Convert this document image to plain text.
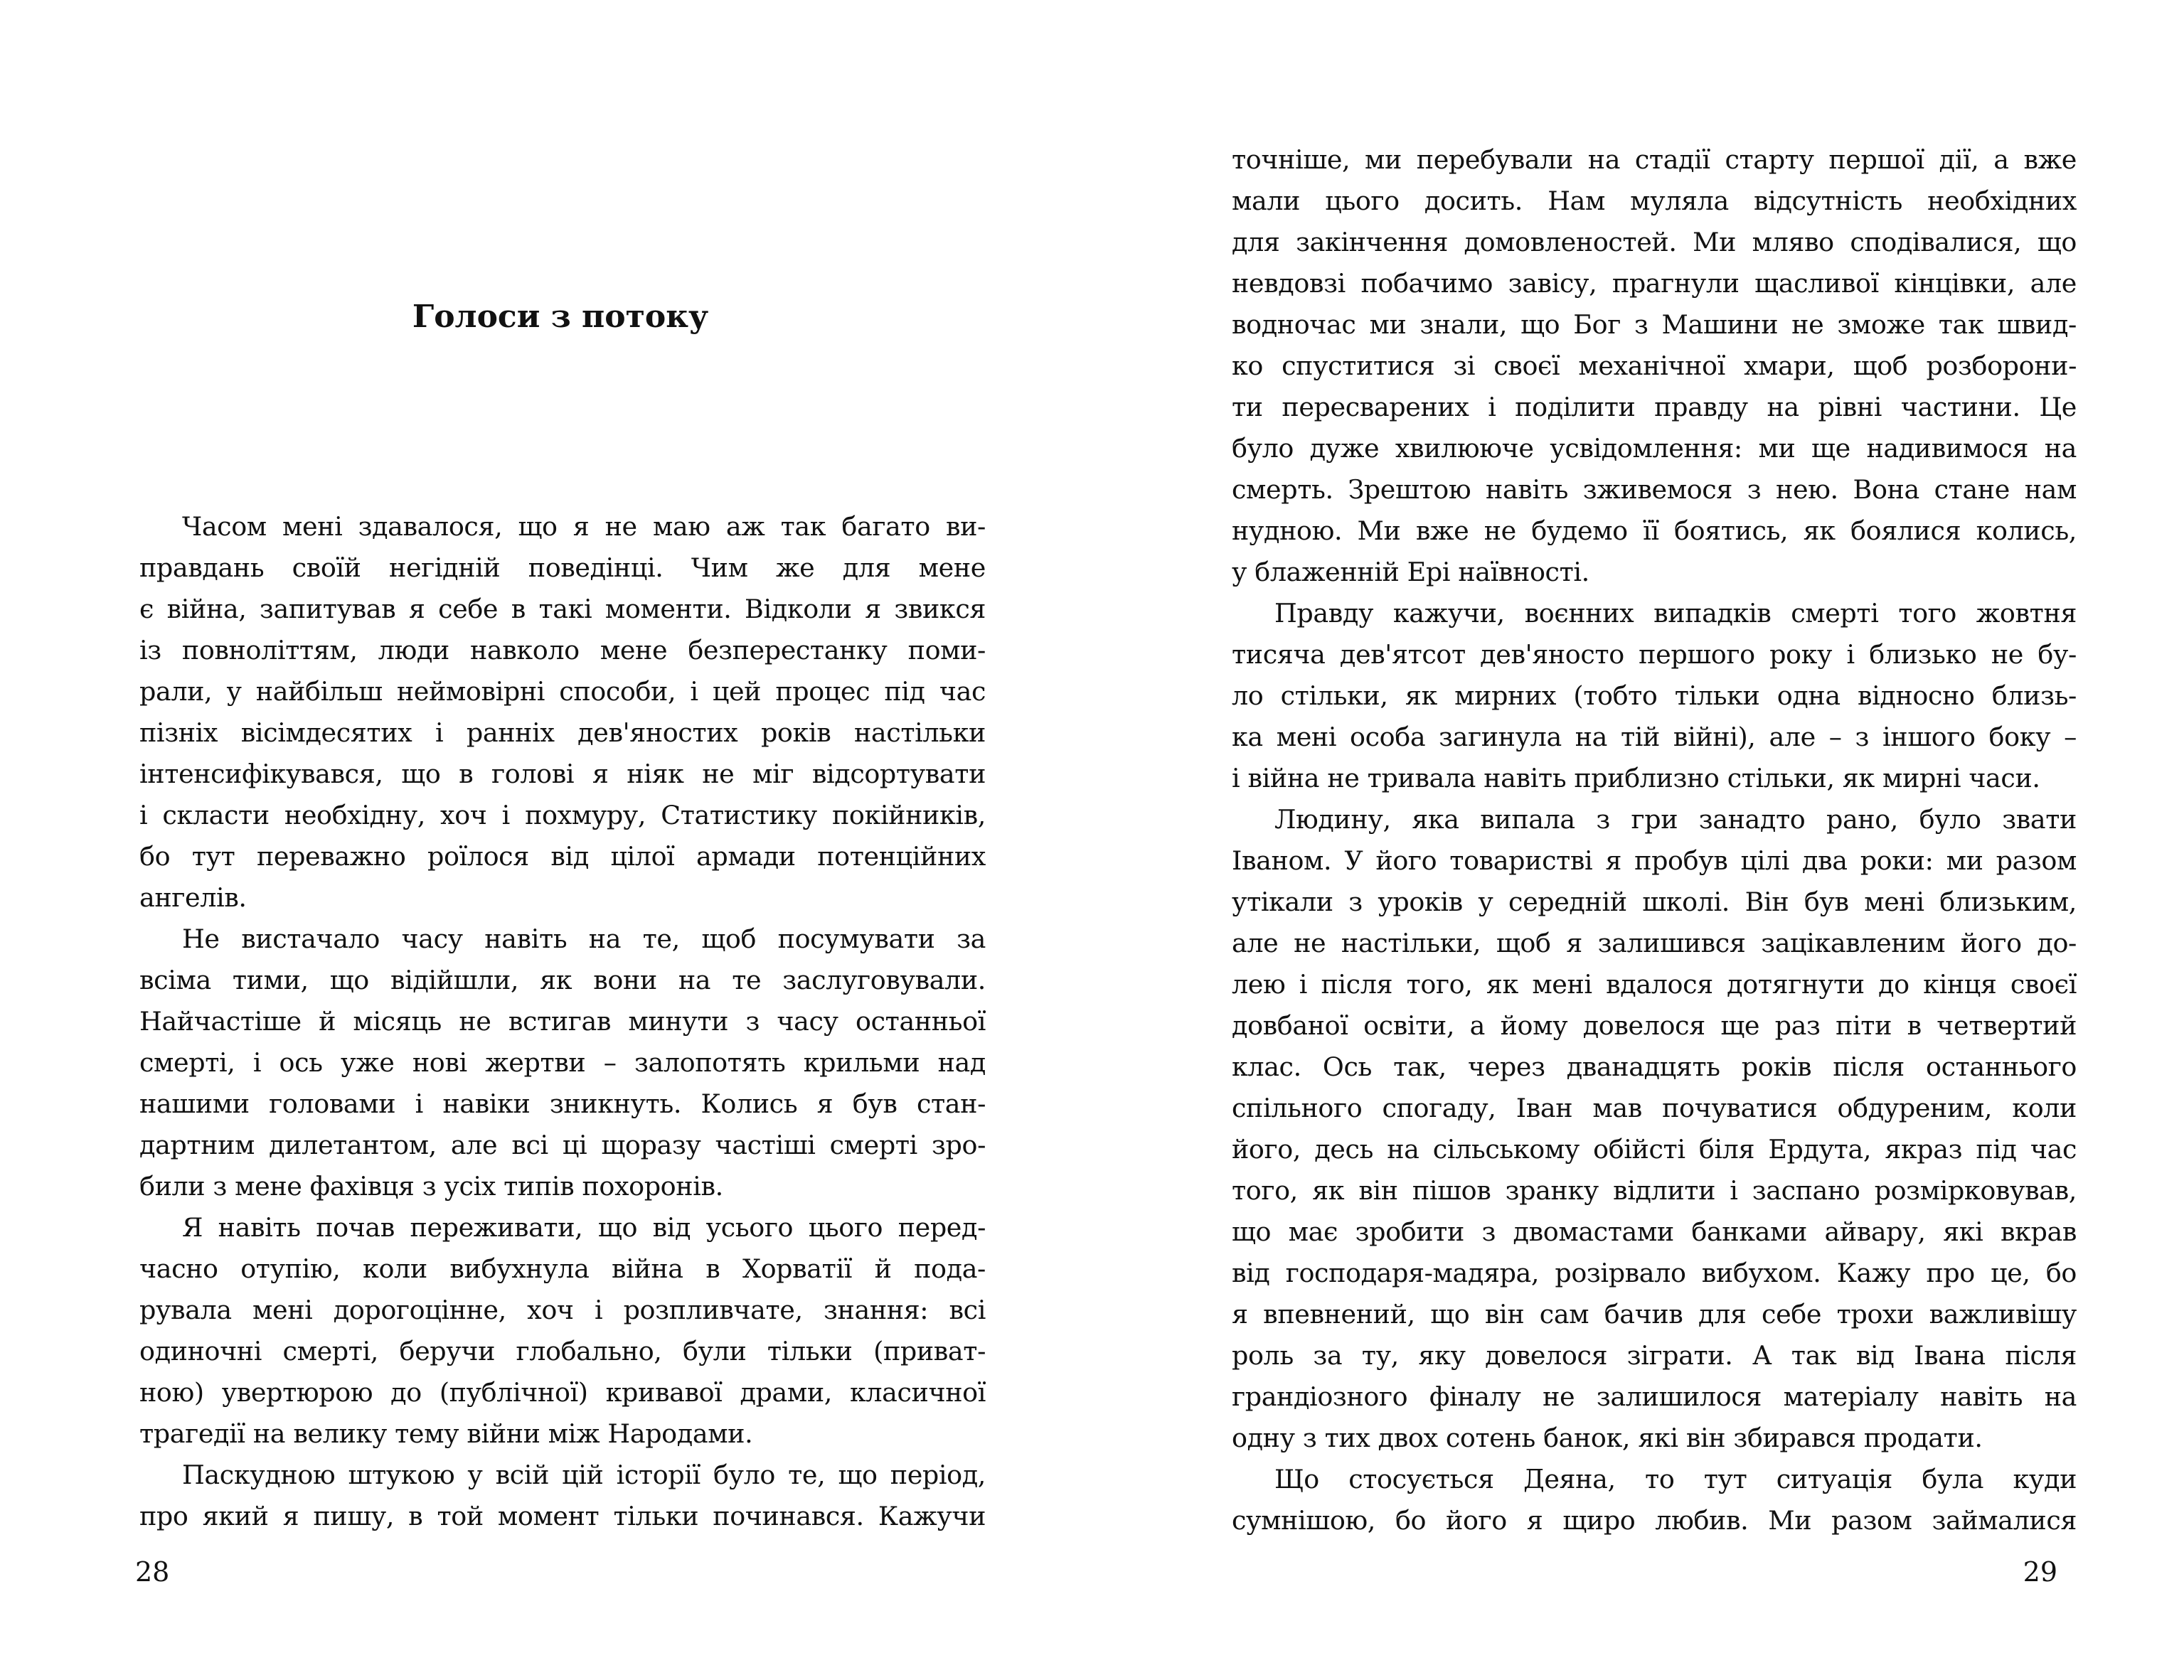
Голоси з потоку
Часом мені здавалося, що я не маю аж так багато ви-
правдань своїй негідній поведінці. Чим же для мене
є війна, запитував я себе в такі моменти. Відколи я звикся
із повноліттям, люди навколо мене безперестанку поми-
рали, у найбільш неймовірні способи, і цей процес під час
пізніх вісімдесятих і ранніх дев'яностих років настільки
інтенсифікувався, що в голові я ніяк не міг відсортувати
і скласти необхідну, хоч і похмуру, Статистику покійників,
бо тут переважно роїлося від цілої армади потенційних
ангелів.
Не вистачало часу навіть на те, щоб посумувати за
всіма тими, що відійшли, як вони на те заслуговували.
Найчастіше й місяць не встигав минути з часу останньої
смерті, і ось уже нові жертви – залопотять крильми над
нашими головами і навіки зникнуть. Колись я був стан-
дартним дилетантом, але всі ці щоразу частіші смерті зро-
били з мене фахівця з усіх типів похоронів.
Я навіть почав переживати, що від усього цього перед-
часно отупію, коли вибухнула війна в Хорватії й пода-
рувала мені дорогоцінне, хоч і розпливчате, знання: всі
одиночні смерті, беручи глобально, були тільки (приват-
ною) увертюрою до (публічної) кривавої драми, класичної
трагедії на велику тему війни між Народами.
Паскудною штукою у всій цій історії було те, що період,
про який я пишу, в той момент тільки починався. Кажучи
28
точніше, ми перебували на стадії старту першої дії, а вже
мали цього досить. Нам муляла відсутність необхідних
для закінчення домовленостей. Ми мляво сподівалися, що
невдовзі побачимо завісу, прагнули щасливої кінцівки, але
водночас ми знали, що Бог з Машини не зможе так швид-
ко спуститися зі своєї механічної хмари, щоб розборони-
ти пересварених і поділити правду на рівні частини. Це
було дуже хвилююче усвідомлення: ми ще надивимося на
смерть. Зрештою навіть зживемося з нею. Вона стане нам
нудною. Ми вже не будемо її боятись, як боялися колись,
у блаженній Ері наївності.
Правду кажучи, воєнних випадків смерті того жовтня
тисяча дев'ятсот дев'яносто першого року і близько не бу-
ло стільки, як мирних (тобто тільки одна відносно близь-
ка мені особа загинула на тій війні), але – з іншого боку –
і війна не тривала навіть приблизно стільки, як мирні часи.
Людину, яка випала з гри занадто рано, було звати
Іваном. У його товаристві я пробув цілі два роки: ми разом
утікали з уроків у середній школі. Він був мені близьким,
але не настільки, щоб я залишився зацікавленим його до-
лею і після того, як мені вдалося дотягнути до кінця своєї
довбаної освіти, а йому довелося ще раз піти в четвертий
клас. Ось так, через дванадцять років після останнього
спільного спогаду, Іван мав почуватися обдуреним, коли
його, десь на сільському обійсті біля Ердута, якраз під час
того, як він пішов зранку відлити і заспано розмірковував,
що має зробити з двомастами банками айвару, які вкрав
від господаря-мадяра, розірвало вибухом. Кажу про це, бо
я впевнений, що він сам бачив для себе трохи важливішу
роль за ту, яку довелося зіграти. А так від Івана після
грандіозного фіналу не залишилося матеріалу навіть на
одну з тих двох сотень банок, які він збирався продати.
Що стосується Деяна, то тут ситуація була куди
сумнішою, бо його я щиро любив. Ми разом займалися
29
